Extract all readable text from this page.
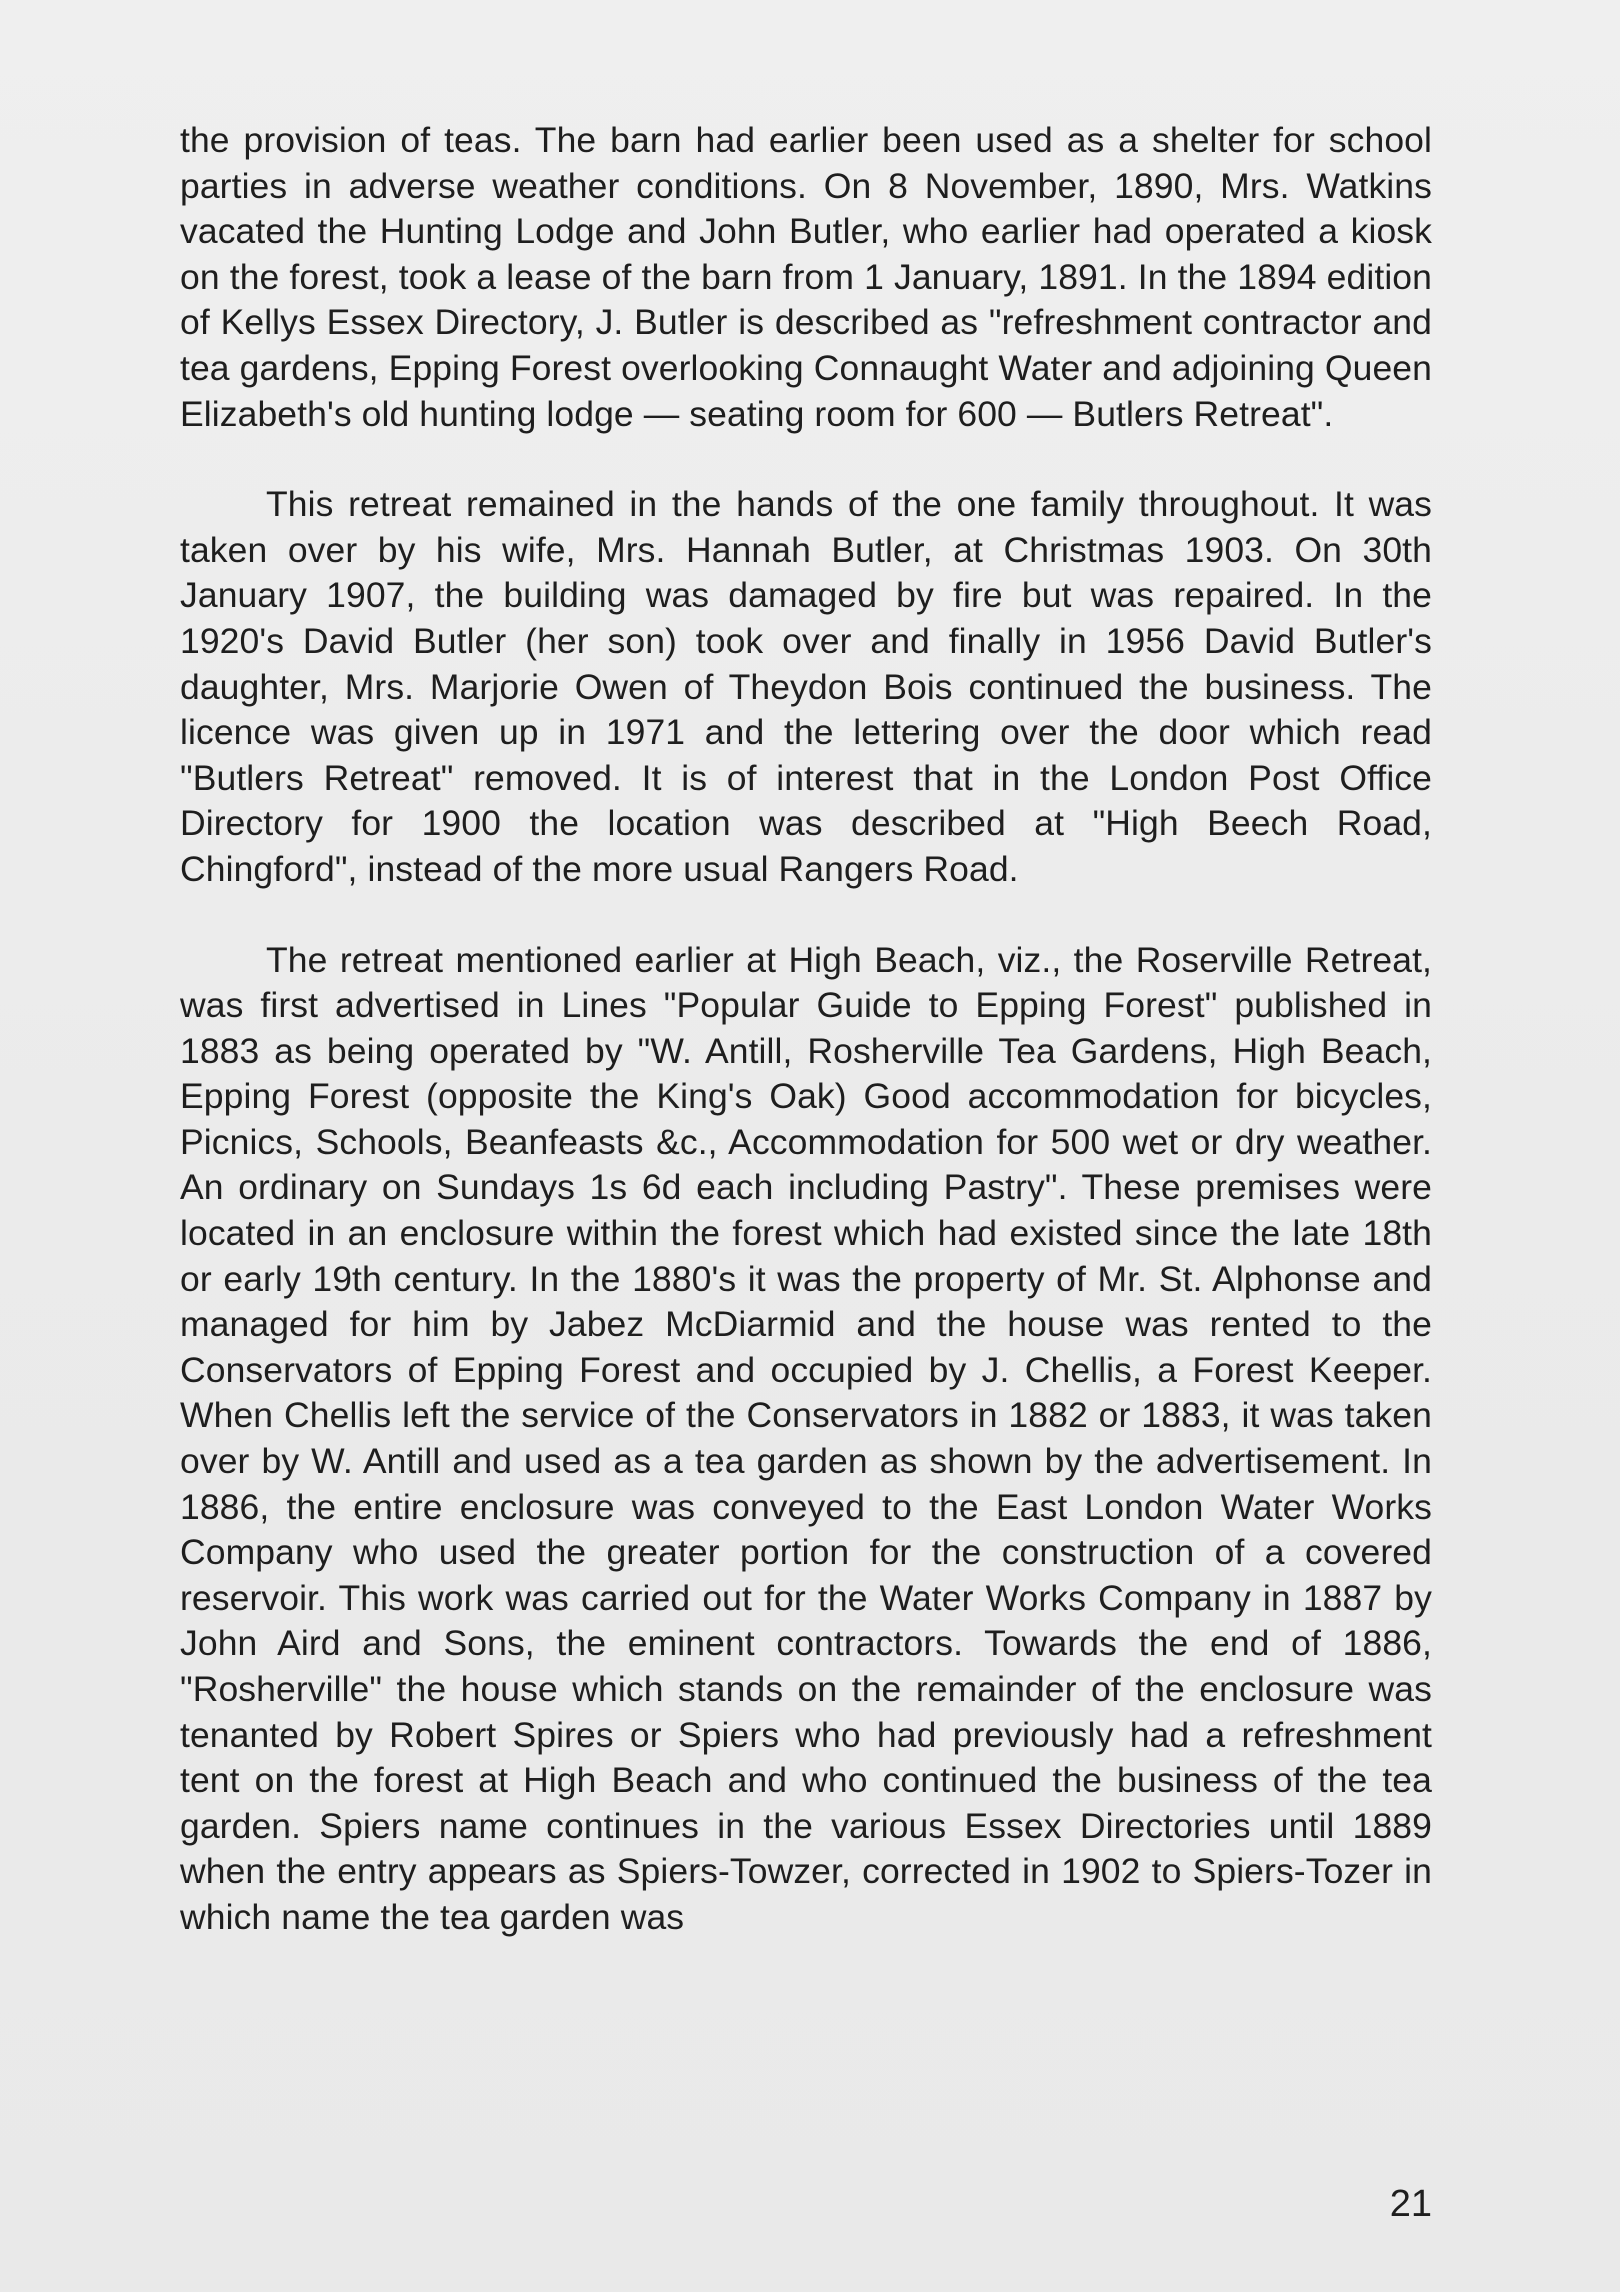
the provision of teas. The barn had earlier been used as a shelter for school parties in adverse weather conditions. On 8 November, 1890, Mrs. Watkins vacated the Hunting Lodge and John Butler, who earlier had operated a kiosk on the forest, took a lease of the barn from 1 January, 1891. In the 1894 edition of Kellys Essex Directory, J. Butler is described as "refreshment contractor and tea gardens, Epping Forest overlooking Connaught Water and adjoining Queen Elizabeth's old hunting lodge — seating room for 600 — Butlers Retreat".

This retreat remained in the hands of the one family throughout. It was taken over by his wife, Mrs. Hannah Butler, at Christmas 1903. On 30th January 1907, the building was damaged by fire but was repaired. In the 1920's David Butler (her son) took over and finally in 1956 David Butler's daughter, Mrs. Marjorie Owen of Theydon Bois continued the business. The licence was given up in 1971 and the lettering over the door which read "Butlers Retreat" removed. It is of interest that in the London Post Office Directory for 1900 the location was described at "High Beech Road, Chingford", instead of the more usual Rangers Road.

The retreat mentioned earlier at High Beach, viz., the Roserville Retreat, was first advertised in Lines "Popular Guide to Epping Forest" published in 1883 as being operated by "W. Antill, Rosherville Tea Gardens, High Beach, Epping Forest (opposite the King's Oak) Good accommodation for bicycles, Picnics, Schools, Beanfeasts &c., Accommodation for 500 wet or dry weather. An ordinary on Sundays 1s 6d each including Pastry". These premises were located in an enclosure within the forest which had existed since the late 18th or early 19th century. In the 1880's it was the property of Mr. St. Alphonse and managed for him by Jabez McDiarmid and the house was rented to the Conservators of Epping Forest and occupied by J. Chellis, a Forest Keeper. When Chellis left the service of the Conservators in 1882 or 1883, it was taken over by W. Antill and used as a tea garden as shown by the advertisement. In 1886, the entire enclosure was conveyed to the East London Water Works Company who used the greater portion for the construction of a covered reservoir. This work was carried out for the Water Works Company in 1887 by John Aird and Sons, the eminent contractors. Towards the end of 1886, "Rosherville" the house which stands on the remainder of the enclosure was tenanted by Robert Spires or Spiers who had previously had a refreshment tent on the forest at High Beach and who continued the business of the tea garden. Spiers name continues in the various Essex Directories until 1889 when the entry appears as Spiers-Towzer, corrected in 1902 to Spiers-Tozer in which name the tea garden was

21
